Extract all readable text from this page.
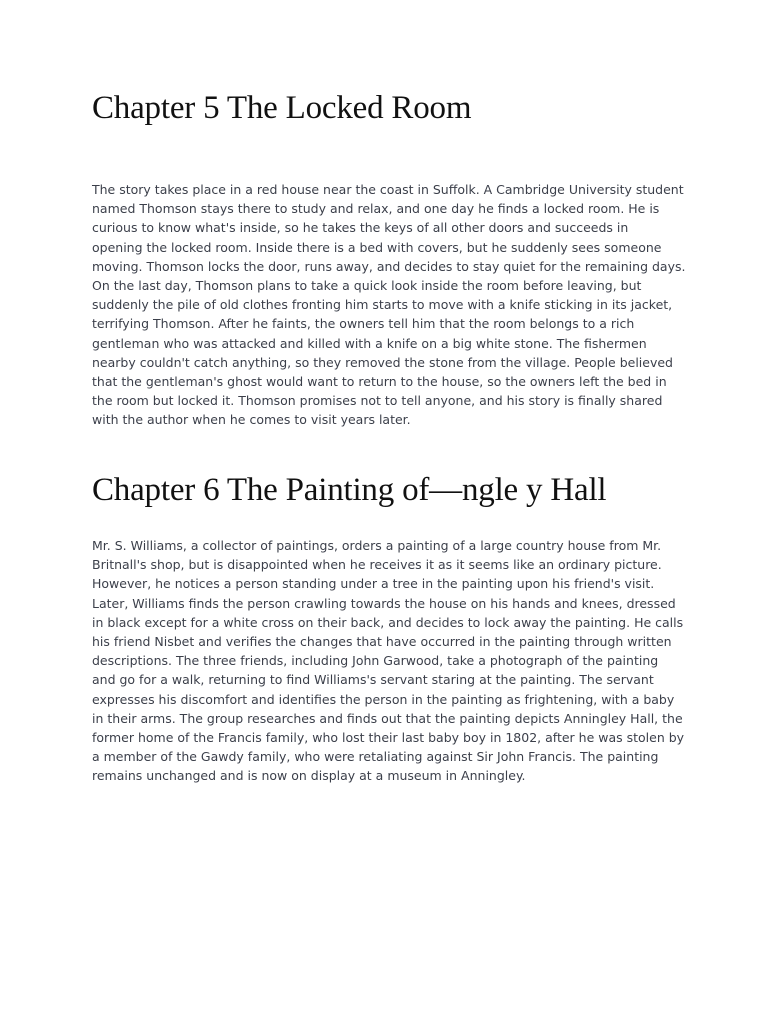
Chapter 5 The Locked Room
The story takes place in a red house near the coast in Suffolk. A Cambridge University student
named Thomson stays there to study and relax, and one day he finds a locked room. He is
curious to know what's inside, so he takes the keys of all other doors and succeeds in
opening the locked room. Inside there is a bed with covers, but he suddenly sees someone
moving. Thomson locks the door, runs away, and decides to stay quiet for the remaining days.
On the last day, Thomson plans to take a quick look inside the room before leaving, but
suddenly the pile of old clothes fronting him starts to move with a knife sticking in its jacket,
terrifying Thomson. After he faints, the owners tell him that the room belongs to a rich
gentleman who was attacked and killed with a knife on a big white stone. The fishermen
nearby couldn't catch anything, so they removed the stone from the village. People believed
that the gentleman's ghost would want to return to the house, so the owners left the bed in
the room but locked it. Thomson promises not to tell anyone, and his story is finally shared
with the author when he comes to visit years later.
Chapter 6 The Painting of—ngle y Hall
Mr. S. Williams, a collector of paintings, orders a painting of a large country house from Mr.
Britnall's shop, but is disappointed when he receives it as it seems like an ordinary picture.
However, he notices a person standing under a tree in the painting upon his friend's visit.
Later, Williams finds the person crawling towards the house on his hands and knees, dressed
in black except for a white cross on their back, and decides to lock away the painting. He calls
his friend Nisbet and verifies the changes that have occurred in the painting through written
descriptions. The three friends, including John Garwood, take a photograph of the painting
and go for a walk, returning to find Williams's servant staring at the painting. The servant
expresses his discomfort and identifies the person in the painting as frightening, with a baby
in their arms. The group researches and finds out that the painting depicts Anningley Hall, the
former home of the Francis family, who lost their last baby boy in 1802, after he was stolen by
a member of the Gawdy family, who were retaliating against Sir John Francis. The painting
remains unchanged and is now on display at a museum in Anningley.
